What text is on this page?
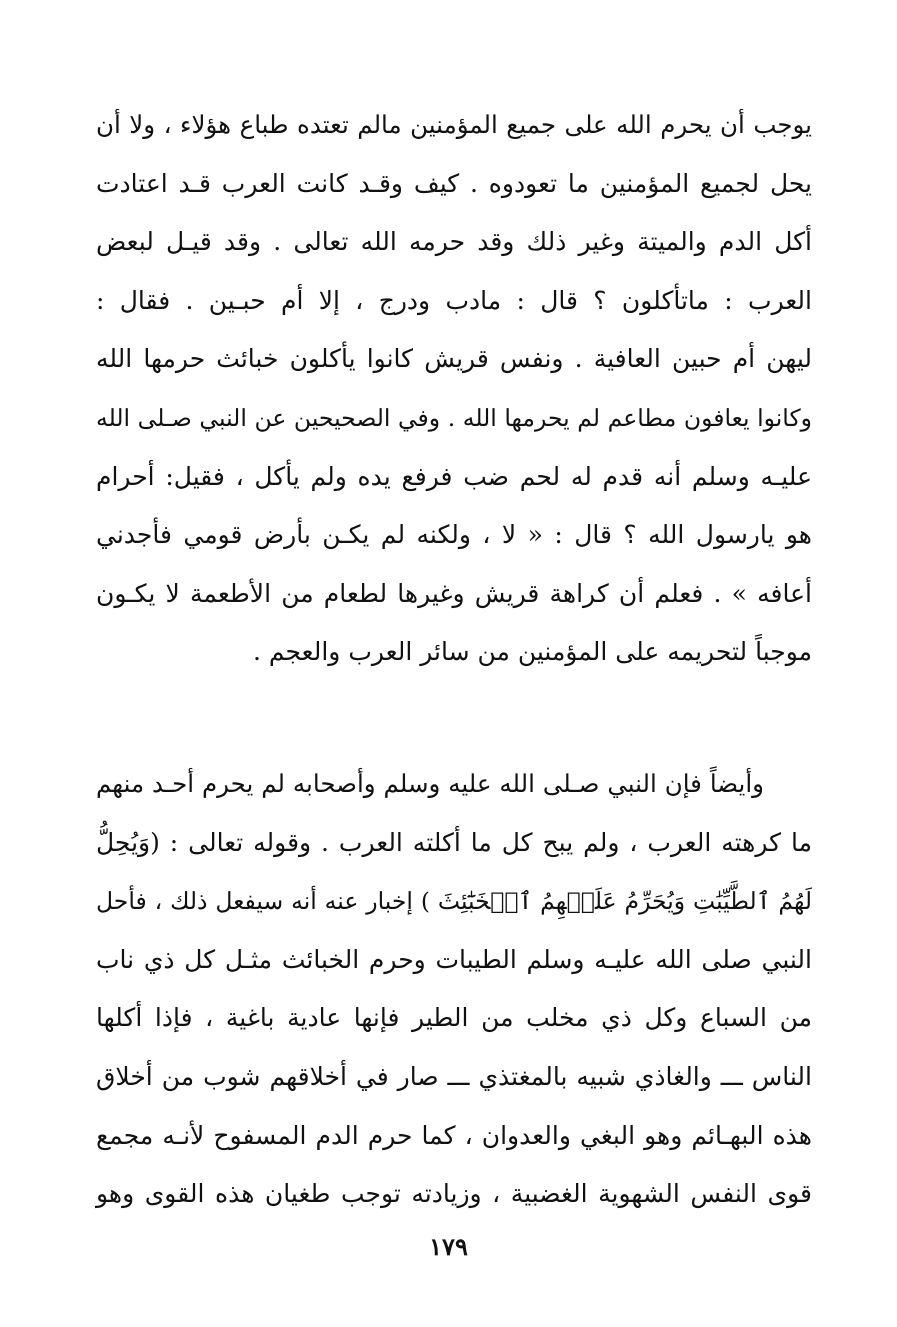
يوجب أن يحرم الله على جميع المؤمنين مالم تعتده طباع هؤلاء ، ولا أن
يحل لجميع المؤمنين ما تعودوه . كيف وقـد كانت العرب قـد اعتادت
أكل الدم والميتة وغير ذلك وقد حرمه الله تعالى . وقد قيـل لبعض
العرب : ماتأكلون ؟ قال : مادب ودرج ، إلا أم حبـين . فقال :
ليهن أم حبين العافية . ونفس قريش كانوا يأكلون خبائث حرمها الله
وكانوا يعافون مطاعم لم يحرمها الله . وفي الصحيحين عن النبي صـلى الله
عليـه وسلم أنه قدم له لحم ضب فرفع يده ولم يأكل ، فقيل: أحرام
هو يارسول الله ؟ قال : « لا ، ولكنه لم يكـن بأرض قومي فأجدني
أعافه » . فعلم أن كراهة قريش وغيرها لطعام من الأطعمة لا يكـون
موجباً لتحريمه على المؤمنين من سائر العرب والعجم .
وأيضاً فإن النبي صـلى الله عليه وسلم وأصحابه لم يحرم أحـد منهم
ما كرهته العرب ، ولم يبح كل ما أكلته العرب . وقوله تعالى : (وَيُحِلُّ
لَهُمُ ٱلطَّيِّبَٰتِ وَيُحَرِّمُ عَلَيۡهِمُ ٱلۡخَبَٰٓئِثَ ) إخبار عنه أنه سيفعل ذلك ، فأحل
النبي صلى الله عليـه وسلم الطيبات وحرم الخبائث مثـل كل ذي ناب
من السباع وكل ذي مخلب من الطير فإنها عادية باغية ، فإذا أكلها
الناس ـــ والغاذي شبيه بالمغتذي ـــ صار في أخلاقهم شوب من أخلاق
هذه البهـائم وهو البغي والعدوان ، كما حرم الدم المسفوح لأنـه مجمع
قوى النفس الشهوية الغضبية ، وزيادته توجب طغيان هذه القوى وهو
١٧٩
